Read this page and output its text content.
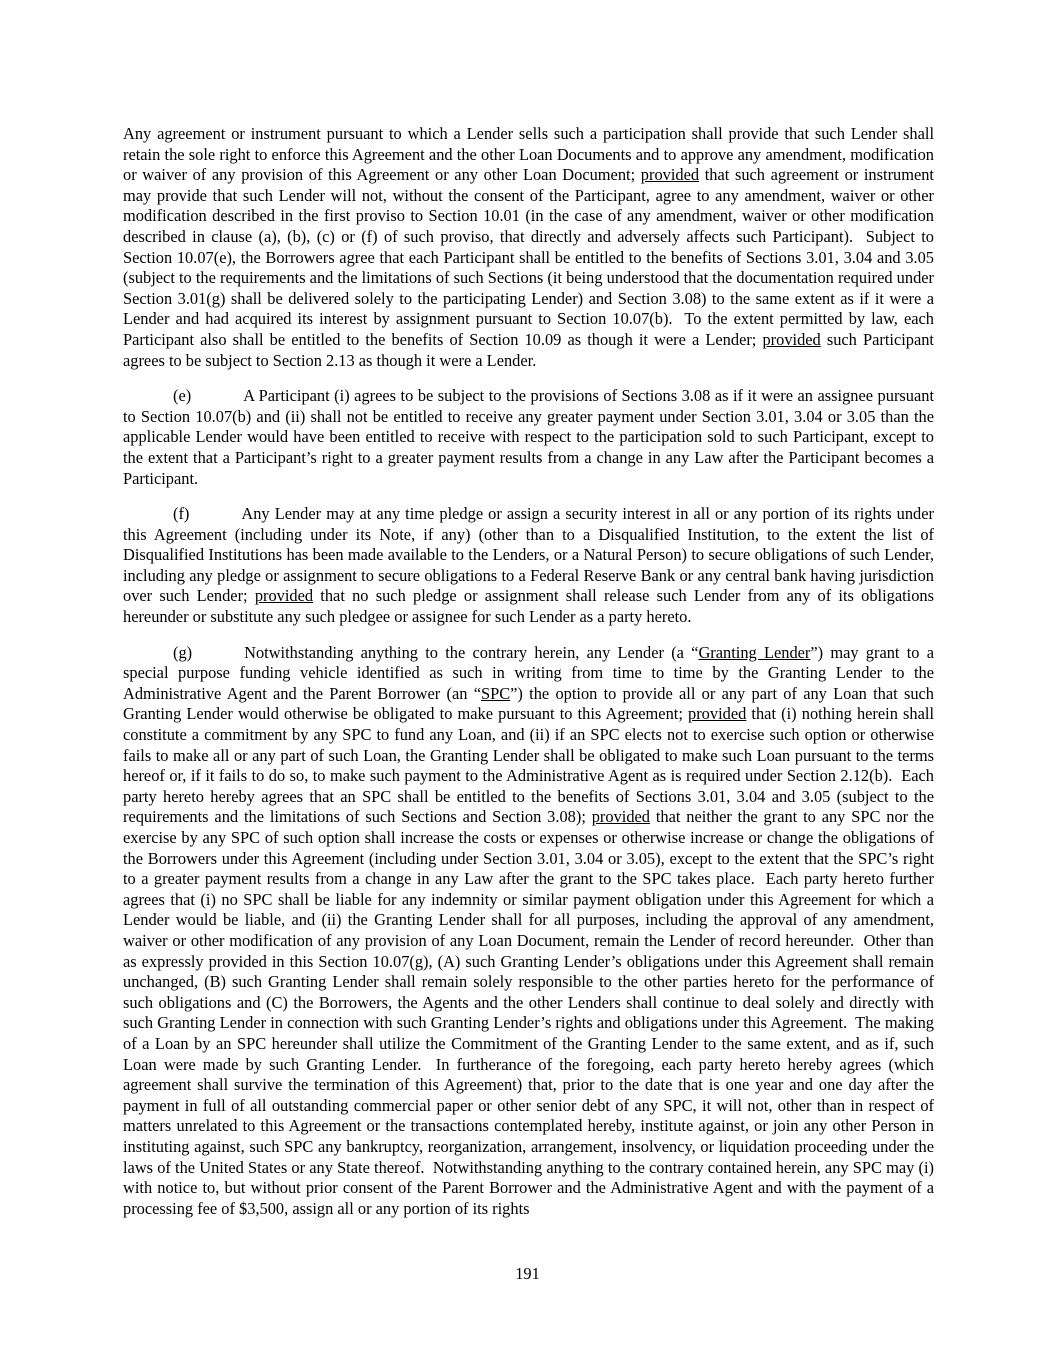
Any agreement or instrument pursuant to which a Lender sells such a participation shall provide that such Lender shall retain the sole right to enforce this Agreement and the other Loan Documents and to approve any amendment, modification or waiver of any provision of this Agreement or any other Loan Document; provided that such agreement or instrument may provide that such Lender will not, without the consent of the Participant, agree to any amendment, waiver or other modification described in the first proviso to Section 10.01 (in the case of any amendment, waiver or other modification described in clause (a), (b), (c) or (f) of such proviso, that directly and adversely affects such Participant).  Subject to Section 10.07(e), the Borrowers agree that each Participant shall be entitled to the benefits of Sections 3.01, 3.04 and 3.05 (subject to the requirements and the limitations of such Sections (it being understood that the documentation required under Section 3.01(g) shall be delivered solely to the participating Lender) and Section 3.08) to the same extent as if it were a Lender and had acquired its interest by assignment pursuant to Section 10.07(b).  To the extent permitted by law, each Participant also shall be entitled to the benefits of Section 10.09 as though it were a Lender; provided such Participant agrees to be subject to Section 2.13 as though it were a Lender.

(e)	A Participant (i) agrees to be subject to the provisions of Sections 3.08 as if it were an assignee pursuant to Section 10.07(b) and (ii) shall not be entitled to receive any greater payment under Section 3.01, 3.04 or 3.05 than the applicable Lender would have been entitled to receive with respect to the participation sold to such Participant, except to the extent that a Participant’s right to a greater payment results from a change in any Law after the Participant becomes a Participant.

(f)	Any Lender may at any time pledge or assign a security interest in all or any portion of its rights under this Agreement (including under its Note, if any) (other than to a Disqualified Institution, to the extent the list of Disqualified Institutions has been made available to the Lenders, or a Natural Person) to secure obligations of such Lender, including any pledge or assignment to secure obligations to a Federal Reserve Bank or any central bank having jurisdiction over such Lender; provided that no such pledge or assignment shall release such Lender from any of its obligations hereunder or substitute any such pledgee or assignee for such Lender as a party hereto.

(g)	Notwithstanding anything to the contrary herein, any Lender (a “Granting Lender”) may grant to a special purpose funding vehicle identified as such in writing from time to time by the Granting Lender to the Administrative Agent and the Parent Borrower (an “SPC”) the option to provide all or any part of any Loan that such Granting Lender would otherwise be obligated to make pursuant to this Agreement; provided that (i) nothing herein shall constitute a commitment by any SPC to fund any Loan, and (ii) if an SPC elects not to exercise such option or otherwise fails to make all or any part of such Loan, the Granting Lender shall be obligated to make such Loan pursuant to the terms hereof or, if it fails to do so, to make such payment to the Administrative Agent as is required under Section 2.12(b).  Each party hereto hereby agrees that an SPC shall be entitled to the benefits of Sections 3.01, 3.04 and 3.05 (subject to the requirements and the limitations of such Sections and Section 3.08); provided that neither the grant to any SPC nor the exercise by any SPC of such option shall increase the costs or expenses or otherwise increase or change the obligations of the Borrowers under this Agreement (including under Section 3.01, 3.04 or 3.05), except to the extent that the SPC’s right to a greater payment results from a change in any Law after the grant to the SPC takes place.  Each party hereto further agrees that (i) no SPC shall be liable for any indemnity or similar payment obligation under this Agreement for which a Lender would be liable, and (ii) the Granting Lender shall for all purposes, including the approval of any amendment, waiver or other modification of any provision of any Loan Document, remain the Lender of record hereunder.  Other than as expressly provided in this Section 10.07(g), (A) such Granting Lender’s obligations under this Agreement shall remain unchanged, (B) such Granting Lender shall remain solely responsible to the other parties hereto for the performance of such obligations and (C) the Borrowers, the Agents and the other Lenders shall continue to deal solely and directly with such Granting Lender in connection with such Granting Lender’s rights and obligations under this Agreement.  The making of a Loan by an SPC hereunder shall utilize the Commitment of the Granting Lender to the same extent, and as if, such Loan were made by such Granting Lender.  In furtherance of the foregoing, each party hereto hereby agrees (which agreement shall survive the termination of this Agreement) that, prior to the date that is one year and one day after the payment in full of all outstanding commercial paper or other senior debt of any SPC, it will not, other than in respect of matters unrelated to this Agreement or the transactions contemplated hereby, institute against, or join any other Person in instituting against, such SPC any bankruptcy, reorganization, arrangement, insolvency, or liquidation proceeding under the laws of the United States or any State thereof.  Notwithstanding anything to the contrary contained herein, any SPC may (i) with notice to, but without prior consent of the Parent Borrower and the Administrative Agent and with the payment of a processing fee of $3,500, assign all or any portion of its rights

191
